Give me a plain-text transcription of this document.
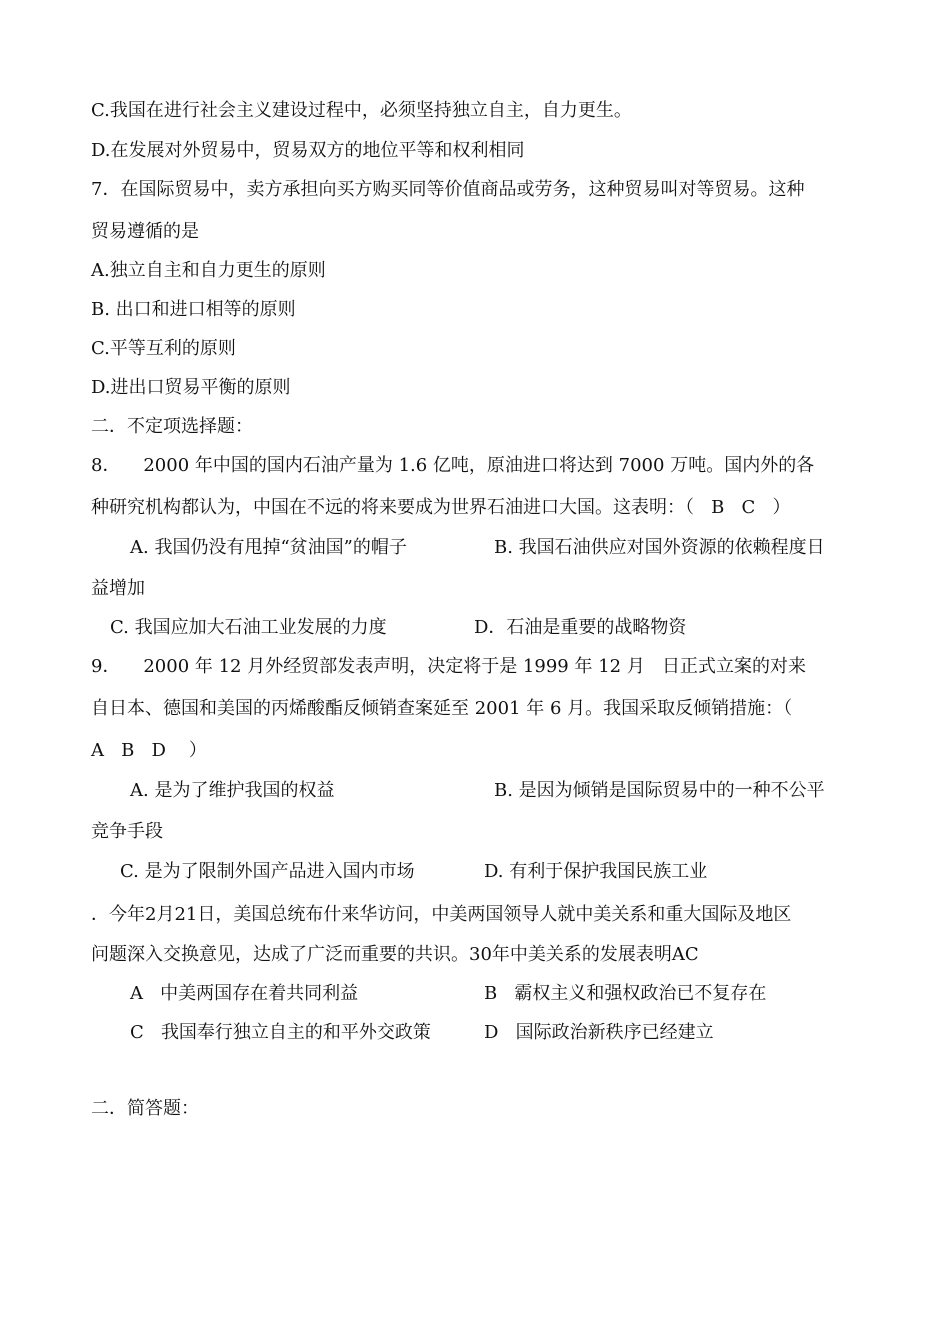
C.我国在进行社会主义建设过程中，必须坚持独立自主，自力更生。
D.在发展对外贸易中，贸易双方的地位平等和权利相同
7．在国际贸易中，卖方承担向买方购买同等价值商品或劳务，这种贸易叫对等贸易。这种
贸易遵循的是
A.独立自主和自力更生的原则
B. 出口和进口相等的原则
C.平等互利的原则
D.进出口贸易平衡的原则
二．不定项选择题：
8．    2000 年中国的国内石油产量为 1.6 亿吨，原油进口将达到 7000 万吨。国内外的各
种研究机构都认为，中国在不远的将来要成为世界石油进口大国。这表明：（   B   C   ）
A. 我国仍没有甩掉“贫油国”的帽子	B. 我国石油供应对国外资源的依赖程度日
益增加
C. 我国应加大石油工业发展的力度	D．石油是重要的战略物资
9．    2000 年 12 月外经贸部发表声明，决定将于是 1999 年 12 月   日正式立案的对来
自日本、德国和美国的丙烯酸酯反倾销查案延至 2001 年 6 月。我国采取反倾销措施：（
A   B   D    ）
A. 是为了维护我国的权益	B. 是因为倾销是国际贸易中的一种不公平
竞争手段
C. 是为了限制外国产品进入国内市场	D. 有利于保护我国民族工业
．今年2月21日，美国总统布什来华访问，中美两国领导人就中美关系和重大国际及地区
问题深入交换意见，达成了广泛而重要的共识。30年中美关系的发展表明AC
A   中美两国存在着共同利益	B   霸权主义和强权政治已不复存在
C   我国奉行独立自主的和平外交政策	D   国际政治新秩序已经建立
二．简答题：
